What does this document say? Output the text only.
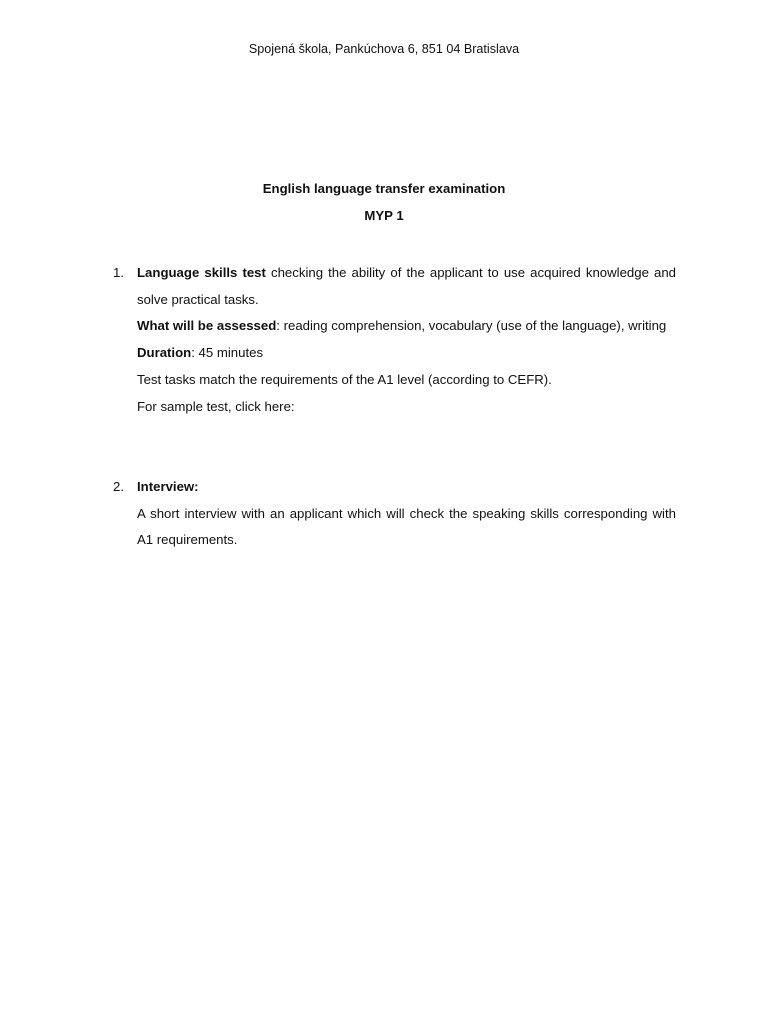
Spojená škola, Pankúchova 6, 851 04 Bratislava
English language transfer examination
MYP 1
1. Language skills test checking the ability of the applicant to use acquired knowledge and solve practical tasks.

What will be assessed: reading comprehension, vocabulary (use of the language), writing

Duration: 45 minutes

Test tasks match the requirements of the A1 level (according to CEFR).

For sample test, click here:

2. Interview:

A short interview with an applicant which will check the speaking skills corresponding with A1 requirements.
